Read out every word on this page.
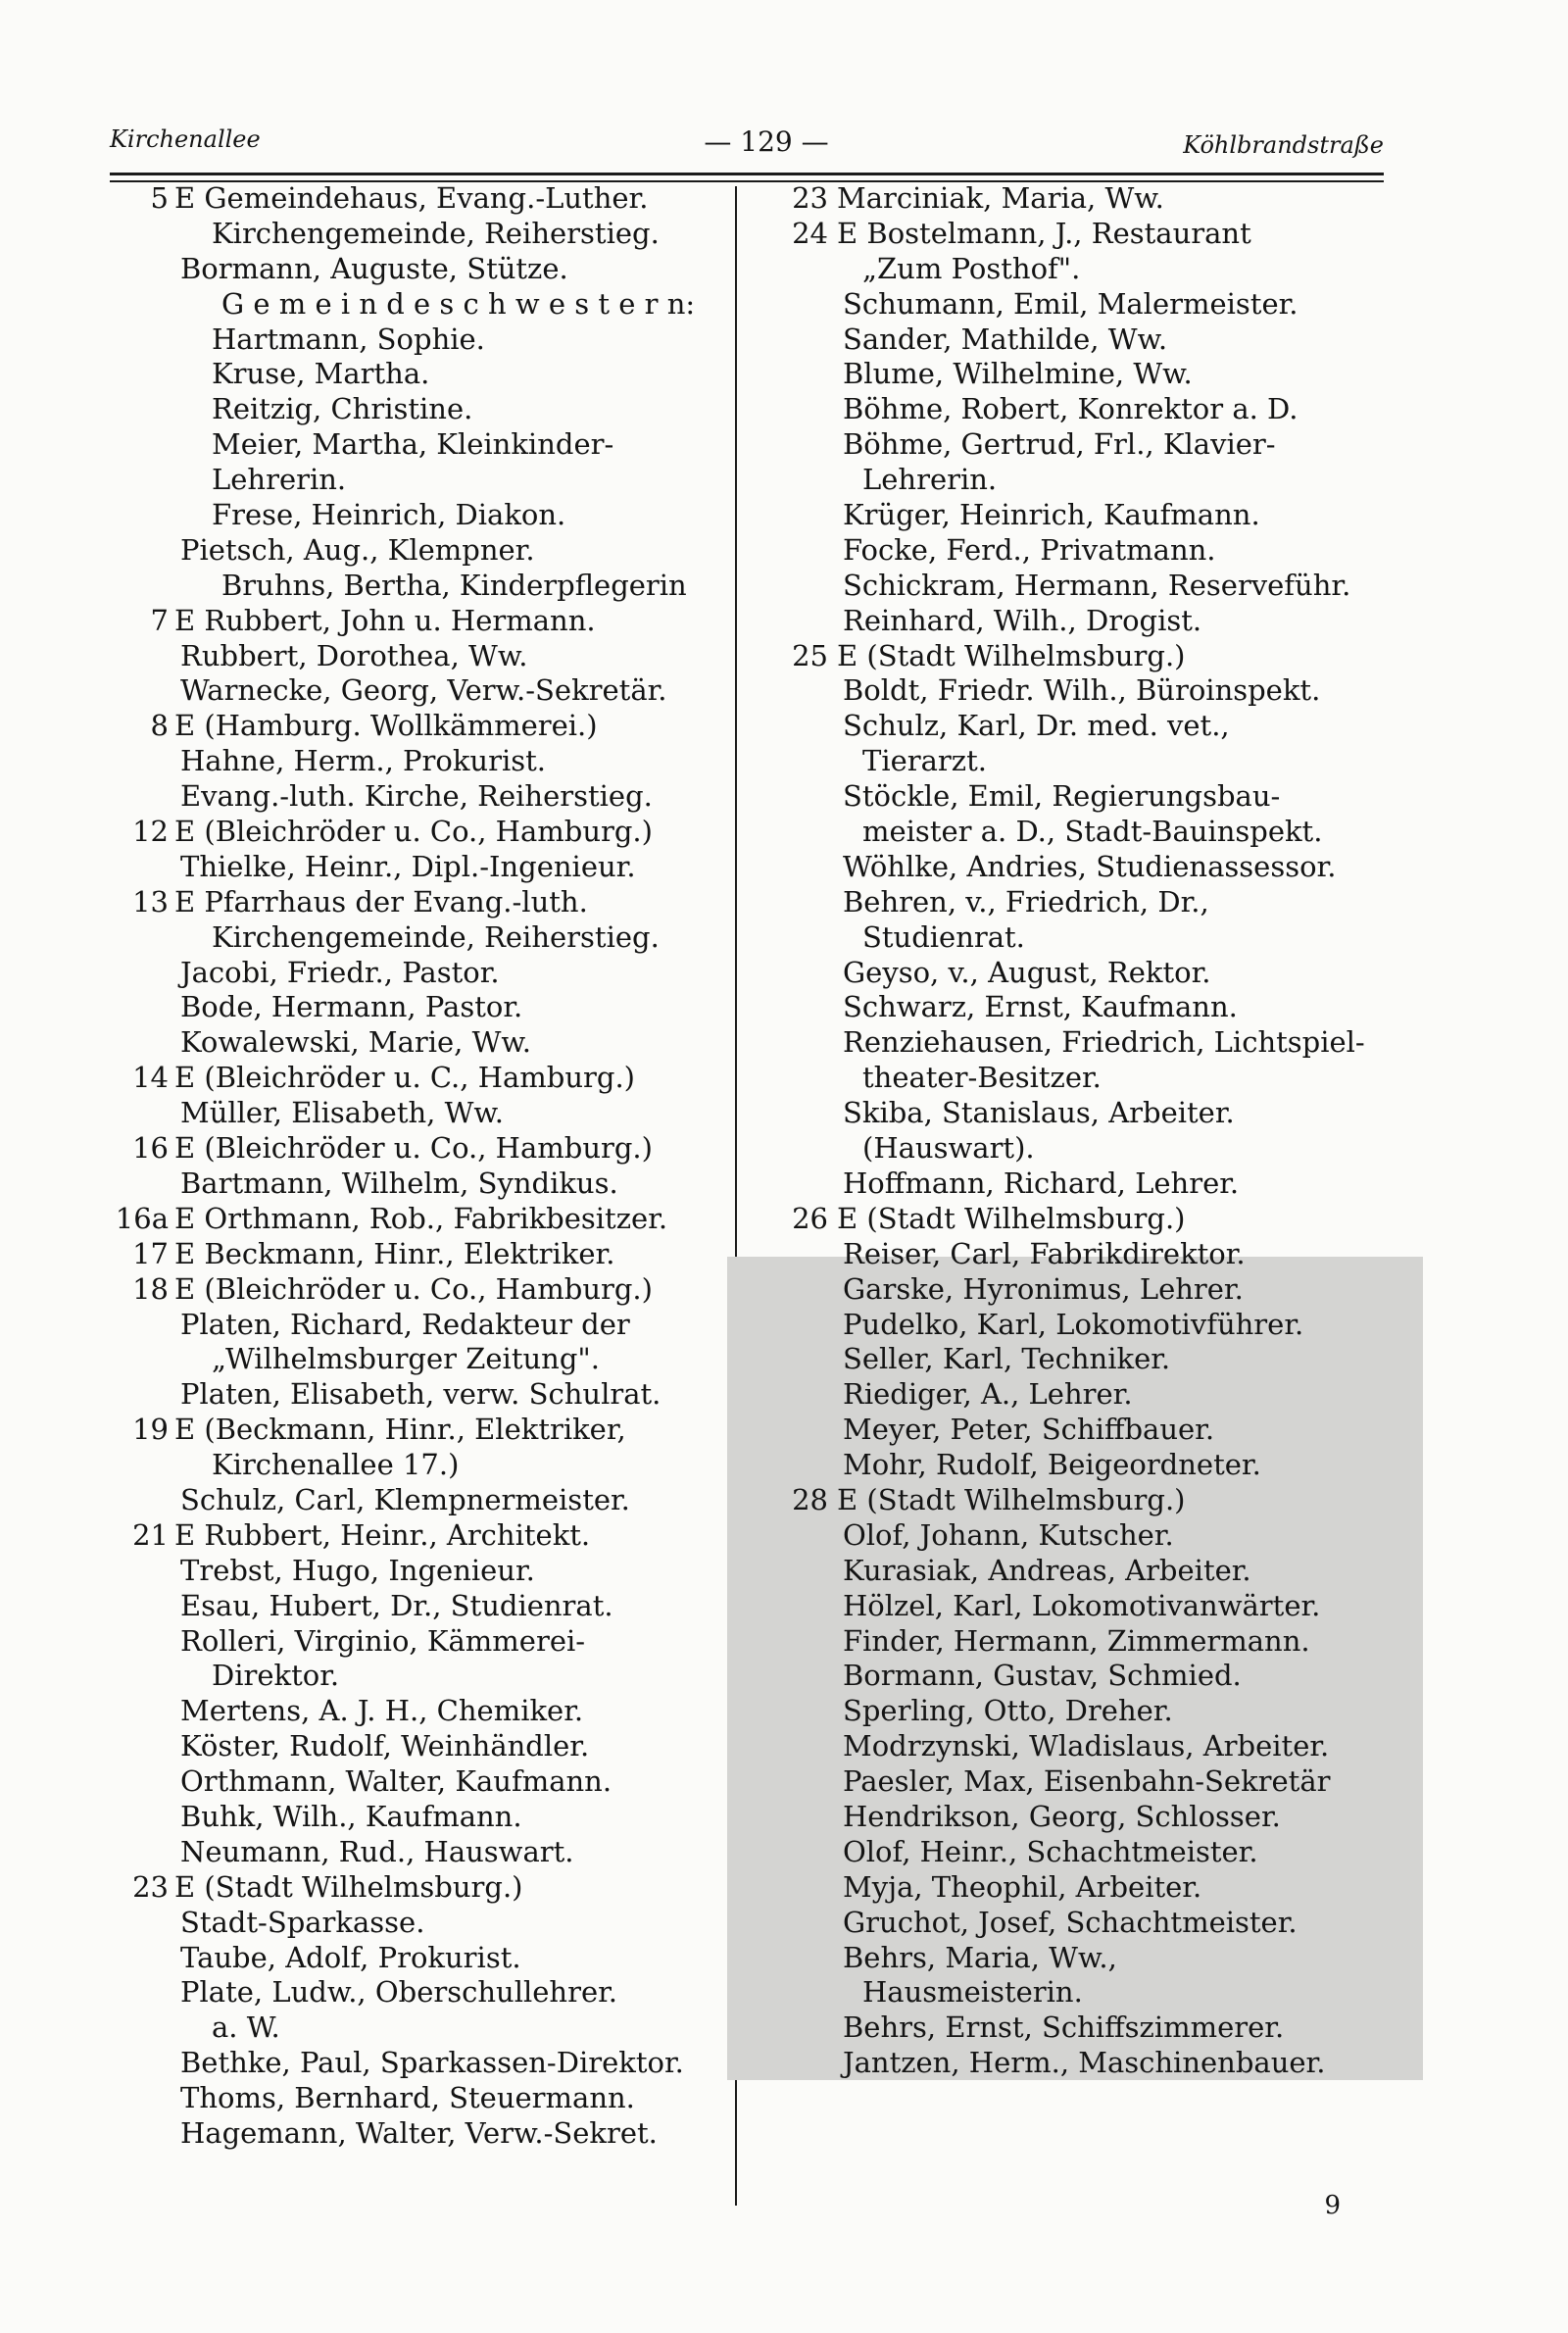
Kirchenallee	— 129 —	Köhlbrandstraße
5 E Gemeindehaus, Evang.-Luther.
Kirchengemeinde, Reiherstieg.
Bormann, Auguste, Stütze.
G e m e i n d e s c h w e s t e r n:
Hartmann, Sophie.
Kruse, Martha.
Reitzig, Christine.
Meier, Martha, Kleinkinder-
Lehrerin.
Frese, Heinrich, Diakon.
Pietsch, Aug., Klempner.
Bruhns, Bertha, Kinderpflegerin
7 E Rubbert, John u. Hermann.
Rubbert, Dorothea, Ww.
Warnecke, Georg, Verw.-Sekretär.
8 E (Hamburg. Wollkämmerei.)
Hahne, Herm., Prokurist.
Evang.-luth. Kirche, Reiherstieg.
12 E (Bleichröder u. Co., Hamburg.)
Thielke, Heinr., Dipl.-Ingenieur.
13 E Pfarrhaus der Evang.-luth.
Kirchengemeinde, Reiherstieg.
Jacobi, Friedr., Pastor.
Bode, Hermann, Pastor.
Kowalewski, Marie, Ww.
14 E (Bleichröder u. C., Hamburg.)
Müller, Elisabeth, Ww.
16 E (Bleichröder u. Co., Hamburg.)
Bartmann, Wilhelm, Syndikus.
16a E Orthmann, Rob., Fabrikbesitzer.
17 E Beckmann, Hinr., Elektriker.
18 E (Bleichröder u. Co., Hamburg.)
Platen, Richard, Redakteur der
„Wilhelmsburger Zeitung".
Platen, Elisabeth, verw. Schulrat.
19 E (Beckmann, Hinr., Elektriker,
Kirchenallee 17.)
Schulz, Carl, Klempnermeister.
21 E Rubbert, Heinr., Architekt.
Trebst, Hugo, Ingenieur.
Esau, Hubert, Dr., Studienrat.
Rolleri, Virginio, Kämmerei-
Direktor.
Mertens, A. J. H., Chemiker.
Köster, Rudolf, Weinhändler.
Orthmann, Walter, Kaufmann.
Buhk, Wilh., Kaufmann.
Neumann, Rud., Hauswart.
23 E (Stadt Wilhelmsburg.)
Stadt-Sparkasse.
Taube, Adolf, Prokurist.
Plate, Ludw., Oberschullehrer.
a. W.
Bethke, Paul, Sparkassen-Direktor.
Thoms, Bernhard, Steuermann.
Hagemann, Walter, Verw.-Sekret.
23 Marciniak, Maria, Ww.
24 E Bostelmann, J., Restaurant
„Zum Posthof".
Schumann, Emil, Malermeister.
Sander, Mathilde, Ww.
Blume, Wilhelmine, Ww.
Böhme, Robert, Konrektor a. D.
Böhme, Gertrud, Frl., Klavier-
Lehrerin.
Krüger, Heinrich, Kaufmann.
Focke, Ferd., Privatmann.
Schickram, Hermann, Reserveführ.
Reinhard, Wilh., Drogist.
25 E (Stadt Wilhelmsburg.)
Boldt, Friedr. Wilh., Büroinspekt.
Schulz, Karl, Dr. med. vet.,
Tierarzt.
Stöckle, Emil, Regierungsbau-
meister a. D., Stadt-Bauinspekt.
Wöhlke, Andries, Studienassessor.
Behren, v., Friedrich, Dr.,
Studienrat.
Geyso, v., August, Rektor.
Schwarz, Ernst, Kaufmann.
Renziehausen, Friedrich, Lichtspiel-
theater-Besitzer.
Skiba, Stanislaus, Arbeiter.
(Hauswart).
Hoffmann, Richard, Lehrer.
26 E (Stadt Wilhelmsburg.)
Reiser, Carl, Fabrikdirektor.
Garske, Hyronimus, Lehrer.
Pudelko, Karl, Lokomotivführer.
Seller, Karl, Techniker.
Riediger, A., Lehrer.
Meyer, Peter, Schiffbauer.
Mohr, Rudolf, Beigeordneter.
28 E (Stadt Wilhelmsburg.)
Olof, Johann, Kutscher.
Kurasiak, Andreas, Arbeiter.
Hölzel, Karl, Lokomotivanwärter.
Finder, Hermann, Zimmermann.
Bormann, Gustav, Schmied.
Sperling, Otto, Dreher.
Modrzynski, Wladislaus, Arbeiter.
Paesler, Max, Eisenbahn-Sekretär
Hendrikson, Georg, Schlosser.
Olof, Heinr., Schachtmeister.
Myja, Theophil, Arbeiter.
Gruchot, Josef, Schachtmeister.
Behrs, Maria, Ww.,
Hausmeisterin.
Behrs, Ernst, Schiffszimmerer.
Jantzen, Herm., Maschinenbauer.
9
